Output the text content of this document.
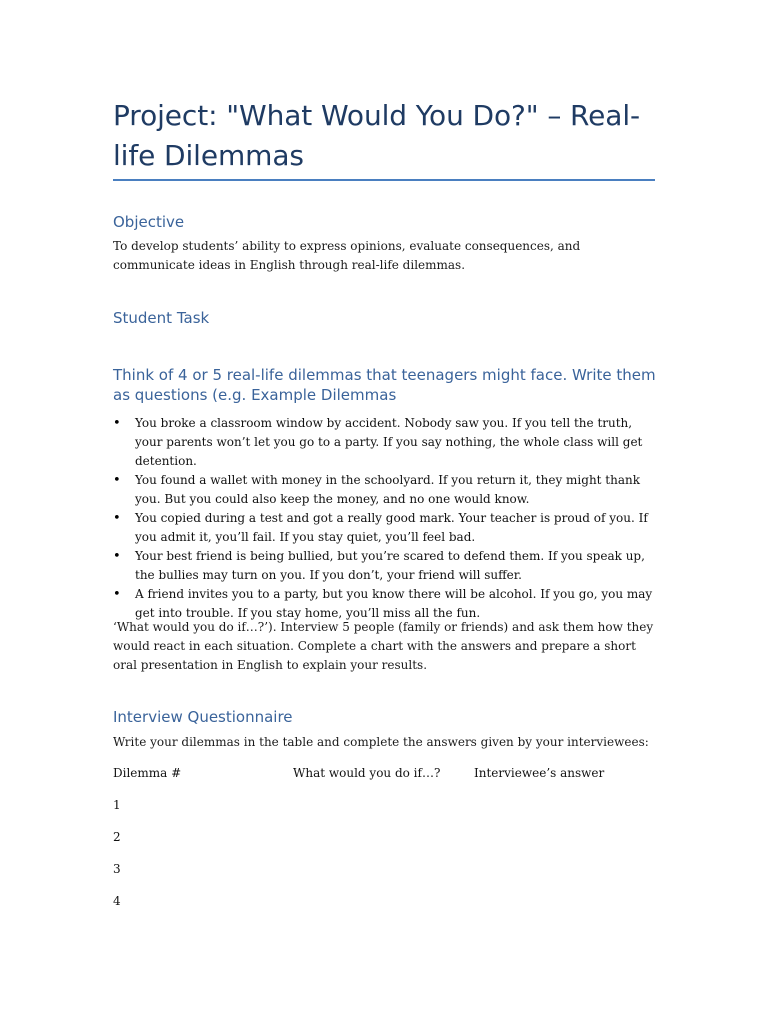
Project: "What Would You Do?" – Real-life Dilemmas
Objective
To develop students’ ability to express opinions, evaluate consequences, and communicate ideas in English through real-life dilemmas.
Student Task
Think of 4 or 5 real-life dilemmas that teenagers might face. Write them as questions (e.g. Example Dilemmas
• You broke a classroom window by accident. Nobody saw you. If you tell the truth, your parents won’t let you go to a party. If you say nothing, the whole class will get detention.
• You found a wallet with money in the schoolyard. If you return it, they might thank you. But you could also keep the money, and no one would know.
• You copied during a test and got a really good mark. Your teacher is proud of you. If you admit it, you’ll fail. If you stay quiet, you’ll feel bad.
• Your best friend is being bullied, but you’re scared to defend them. If you speak up, the bullies may turn on you. If you don’t, your friend will suffer.
• A friend invites you to a party, but you know there will be alcohol. If you go, you may get into trouble. If you stay home, you’ll miss all the fun.
‘What would you do if…?’). Interview 5 people (family or friends) and ask them how they would react in each situation. Complete a chart with the answers and prepare a short oral presentation in English to explain your results.
Interview Questionnaire
Write your dilemmas in the table and complete the answers given by your interviewees:
Dilemma #	What would you do if…?	Interviewee’s answer
1
2
3
4
